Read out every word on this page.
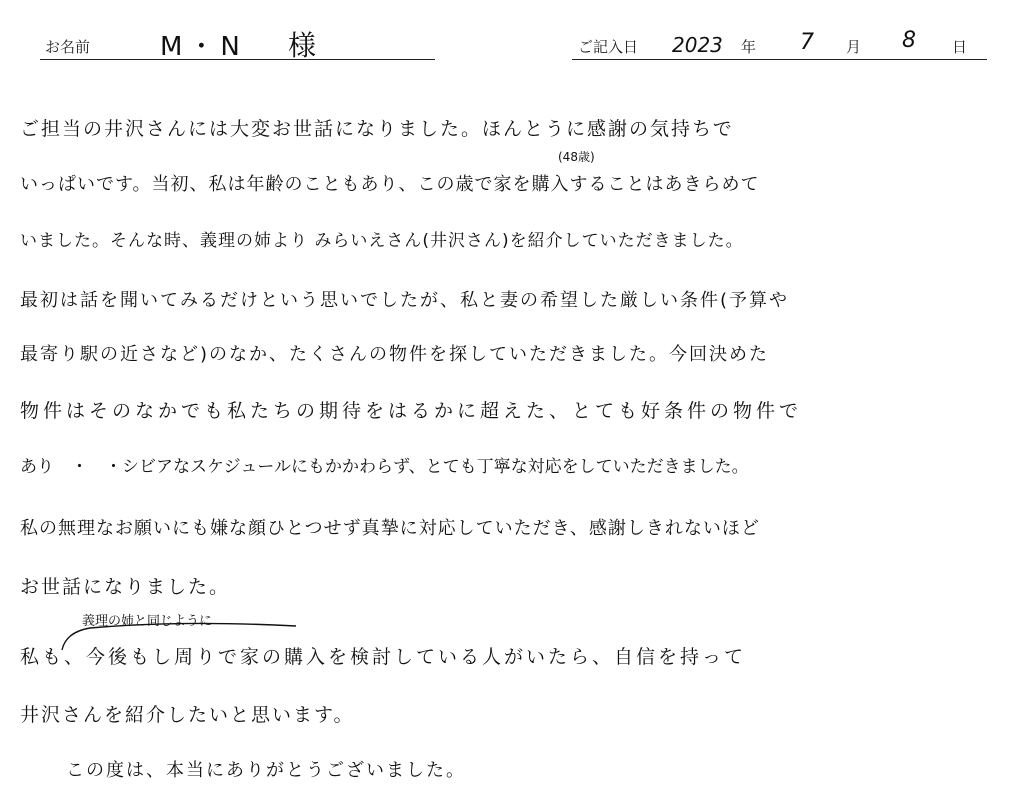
お名前	M・N 様	ご記入日 2023 年 7 月 8 日
ご担当の井沢さんには大変お世話になりました。ほんとうに感謝の気持ちで
(48歳)
いっぱいです。当初、私は年齢のこともあり、この歳で家を購入することはあきらめて
いました。そんな時、義理の姉より みらいえさん(井沢さん)を紹介していただきました。
最初は話を聞いてみるだけという思いでしたが、私と妻の希望した厳しい条件(予算や
最寄り駅の近さなど)のなか、たくさんの物件を探していただきました。今回決めた
物件はそのなかでも私たちの期待をはるかに超えた、とても好条件の物件で
あり　・　・シビアなスケジュールにもかかわらず、とても丁寧な対応をしていただきました。
私の無理なお願いにも嫌な顔ひとつせず真摯に対応していただき、感謝しきれないほど
お世話になりました。
義理の姉と同じように
私も、今後もし周りで家の購入を検討している人がいたら、自信を持って
井沢さんを紹介したいと思います。
この度は、本当にありがとうございました。
